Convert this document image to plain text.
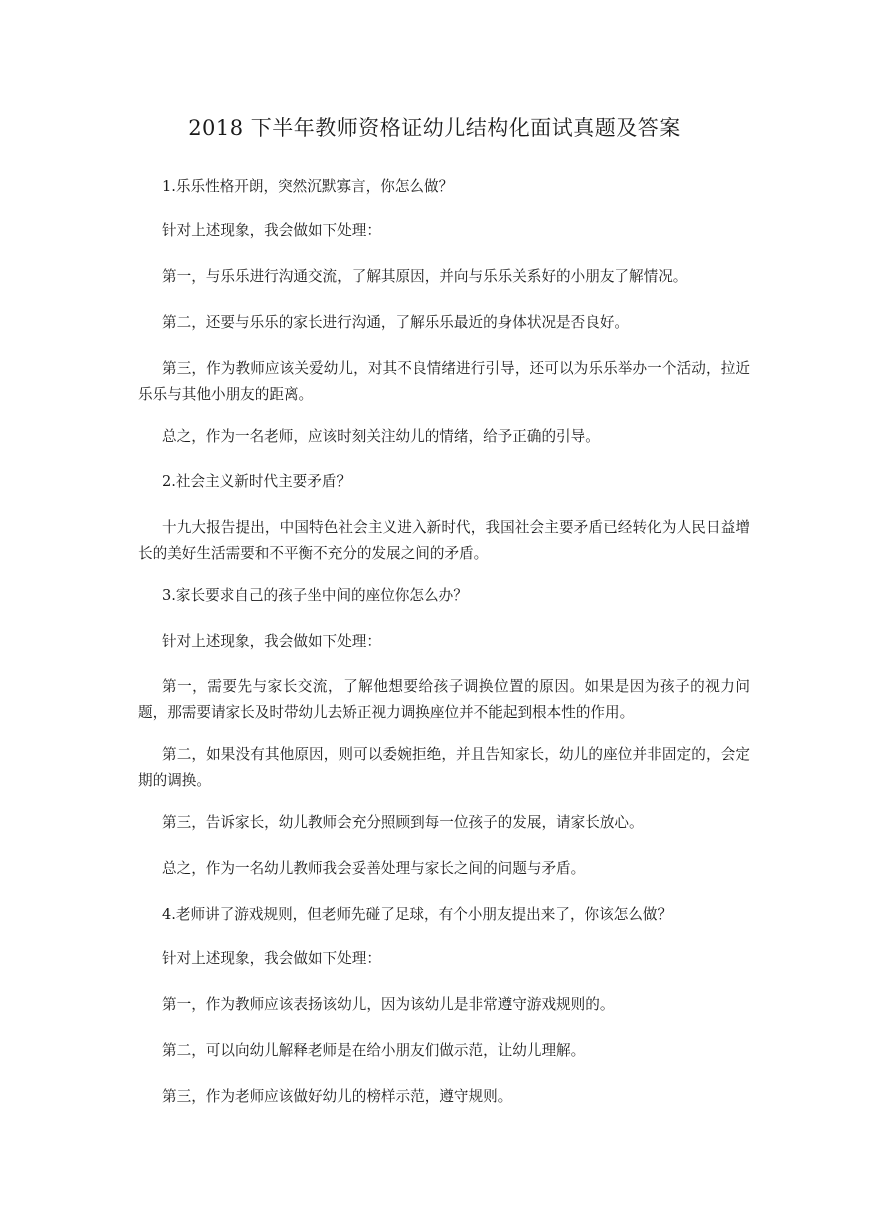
2018 下半年教师资格证幼儿结构化面试真题及答案

1.乐乐性格开朗，突然沉默寡言，你怎么做？

针对上述现象，我会做如下处理：

第一，与乐乐进行沟通交流，了解其原因，并向与乐乐关系好的小朋友了解情况。

第二，还要与乐乐的家长进行沟通，了解乐乐最近的身体状况是否良好。

第三，作为教师应该关爱幼儿，对其不良情绪进行引导，还可以为乐乐举办一个活动，拉近乐乐与其他小朋友的距离。

总之，作为一名老师，应该时刻关注幼儿的情绪，给予正确的引导。

2.社会主义新时代主要矛盾？

十九大报告提出，中国特色社会主义进入新时代，我国社会主要矛盾已经转化为人民日益增长的美好生活需要和不平衡不充分的发展之间的矛盾。

3.家长要求自己的孩子坐中间的座位你怎么办？

针对上述现象，我会做如下处理：

第一，需要先与家长交流，了解他想要给孩子调换位置的原因。如果是因为孩子的视力问题，那需要请家长及时带幼儿去矫正视力调换座位并不能起到根本性的作用。

第二，如果没有其他原因，则可以委婉拒绝，并且告知家长，幼儿的座位并非固定的，会定期的调换。

第三，告诉家长，幼儿教师会充分照顾到每一位孩子的发展，请家长放心。

总之，作为一名幼儿教师我会妥善处理与家长之间的问题与矛盾。

4.老师讲了游戏规则，但老师先碰了足球，有个小朋友提出来了，你该怎么做？

针对上述现象，我会做如下处理：

第一，作为教师应该表扬该幼儿，因为该幼儿是非常遵守游戏规则的。

第二，可以向幼儿解释老师是在给小朋友们做示范，让幼儿理解。

第三，作为老师应该做好幼儿的榜样示范，遵守规则。
